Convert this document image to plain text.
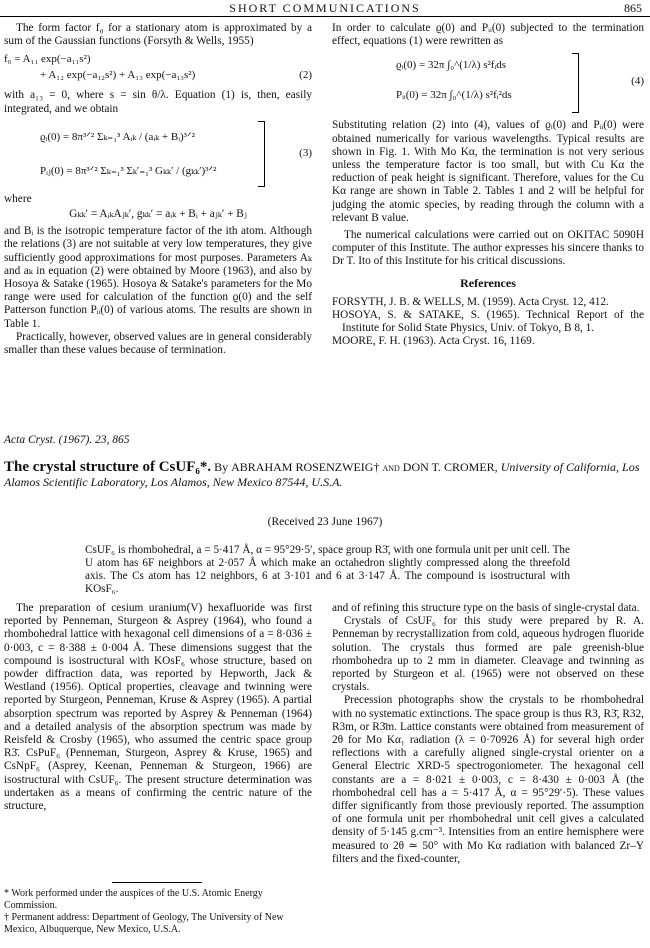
SHORT COMMUNICATIONS	865

The form factor f₀ for a stationary atom is approximated by a sum of the Gaussian functions (Forsyth & Wells, 1955)

f₀ = A₁₁ exp(−a₁₁s²)
+ A₁₂ exp(−a₁₂s²) + A₁₃ exp(−a₁₃s²)	(2)

with a₁₃ = 0, where s = sin θ/λ. Equation (1) is, then, easily integrated, and we obtain

ϱᵢ(0) = 8π³ᐟ² Σₖ₌₁³ Aᵢₖ / (aᵢₖ + Bᵢ)³ᐟ²
Pᵢⱼ(0) = 8π³ᐟ² Σₖ₌₁³ Σₖ′₌₁³ Gₖₖ′ / (gₖₖ′)³ᐟ²
(3)

where

Gₖₖ′ = AᵢₖAⱼₖ′, gₖₖ′ = aᵢₖ + Bᵢ + aⱼₖ′ + Bⱼ

and Bᵢ is the isotropic temperature factor of the ith atom. Although the relations (3) are not suitable at very low temperatures, they give sufficiently good approximations for most purposes. Parameters Aₖ and aₖ in equation (2) were obtained by Moore (1963), and also by Hosoya & Satake (1965). Hosoya & Satake's parameters for the Mo range were used for calculation of the function ϱ(0) and the self Patterson function Pᵢᵢ(0) of various atoms. The results are shown in Table 1.

Practically, however, observed values are in general considerably smaller than these values because of termination.

In order to calculate ϱ(0) and Pᵢᵢ(0) subjected to the termination effect, equations (1) were rewritten as

ϱᵢ(0) = 32π ∫₀^(1/λ) s²fᵢds
Pᵢᵢ(0) = 32π ∫₀^(1/λ) s²fᵢ²ds
(4)

Substituting relation (2) into (4), values of ϱᵢ(0) and Pᵢᵢ(0) were obtained numerically for various wavelengths. Typical results are shown in Fig. 1. With Mo Kα, the termination is not very serious unless the temperature factor is too small, but with Cu Kα the reduction of peak height is significant. Therefore, values for the Cu Kα range are shown in Table 2. Tables 1 and 2 will be helpful for judging the atomic species, by reading through the column with a relevant B value.

The numerical calculations were carried out on OKITAC 5090H computer of this Institute. The author expresses his sincere thanks to Dr T. Ito of this Institute for his critical discussions.

References
FORSYTH, J. B. & WELLS, M. (1959). Acta Cryst. 12, 412.
HOSOYA, S. & SATAKE, S. (1965). Technical Report of the Institute for Solid State Physics, Univ. of Tokyo, B 8, 1.
MOORE, F. H. (1963). Acta Cryst. 16, 1169.
Acta Cryst. (1967). 23, 865
The crystal structure of CsUF₆*. By ABRAHAM ROSENZWEIG† and DON T. CROMER, University of California, Los Alamos Scientific Laboratory, Los Alamos, New Mexico 87544, U.S.A.
(Received 23 June 1967)
CsUF₆ is rhombohedral, a = 5·417 Å, α = 95°29·5′, space group R3̄, with one formula unit per unit cell. The U atom has 6F neighbors at 2·057 Å which make an octahedron slightly compressed along the threefold axis. The Cs atom has 12 neighbors, 6 at 3·101 and 6 at 3·147 Å. The compound is isostructural with KOsF₆.

The preparation of cesium uranium(V) hexafluoride was first reported by Penneman, Sturgeon & Asprey (1964), who found a rhombohedral lattice with hexagonal cell dimensions of a = 8·036 ± 0·003, c = 8·388 ± 0·004 Å. These dimensions suggest that the compound is isostructural with KOsF₆ whose structure, based on powder diffraction data, was reported by Hepworth, Jack & Westland (1956). Optical properties, cleavage and twinning were reported by Sturgeon, Penneman, Kruse & Asprey (1965). A partial absorption spectrum was reported by Asprey & Penneman (1964) and a detailed analysis of the absorption spectrum was made by Reisfeld & Crosby (1965), who assumed the centric space group R3̄. CsPuF₆ (Penneman, Sturgeon, Asprey & Kruse, 1965) and CsNpF₆ (Asprey, Keenan, Penneman & Sturgeon, 1966) are isostructural with CsUF₆. The present structure determination was undertaken as a means of confirming the centric nature of the structure,

and of refining this structure type on the basis of single-crystal data.

Crystals of CsUF₆ for this study were prepared by R. A. Penneman by recrystallization from cold, aqueous hydrogen fluoride solution. The crystals thus formed are pale greenish-blue rhombohedra up to 2 mm in diameter. Cleavage and twinning as reported by Sturgeon et al. (1965) were not observed on these crystals.

Precession photographs show the crystals to be rhombohedral with no systematic extinctions. The space group is thus R3, R3̄, R32, R3m, or R3̄m. Lattice constants were obtained from measurement of 2θ for Mo Kα₁ radiation (λ = 0·70926 Å) for several high order reflections with a carefully aligned single-crystal orienter on a General Electric XRD-5 spectrogoniometer. The hexagonal cell constants are a = 8·021 ± 0·003, c = 8·430 ± 0·003 Å (the rhombohedral cell has a = 5·417 Å, α = 95°29′·5). These values differ significantly from those previously reported. The assumption of one formula unit per rhombohedral unit cell gives a calculated density of 5·145 g.cm⁻³. Intensities from an entire hemisphere were measured to 2θ ≃ 50° with Mo Kα radiation with balanced Zr–Y filters and the fixed-counter,

* Work performed under the auspices of the U.S. Atomic Energy Commission.
† Permanent address: Department of Geology, The University of New Mexico, Albuquerque, New Mexico, U.S.A.
